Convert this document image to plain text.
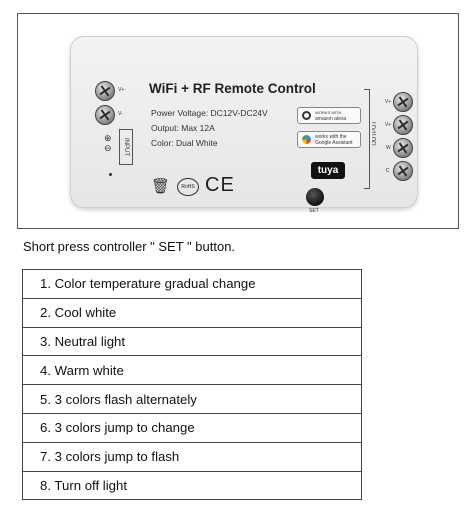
V+
V-
WiFi + RF Remote Control
Power Voltage: DC12V-DC24V
Output: Max 12A
Color: Dual White
⊕
⊖	INPUT
🗑	RoHS CE
WORKS WITH
amazon alexa
works with the
Google Assistant
tuya
SET
OUTPUT
V+
V+
W
C
Short press controller " SET " button.
1. Color temperature gradual change
2. Cool white
3. Neutral light
4. Warm white
5. 3 colors flash alternately
6. 3 colors jump to change
7. 3 colors jump to flash
8. Turn off light
